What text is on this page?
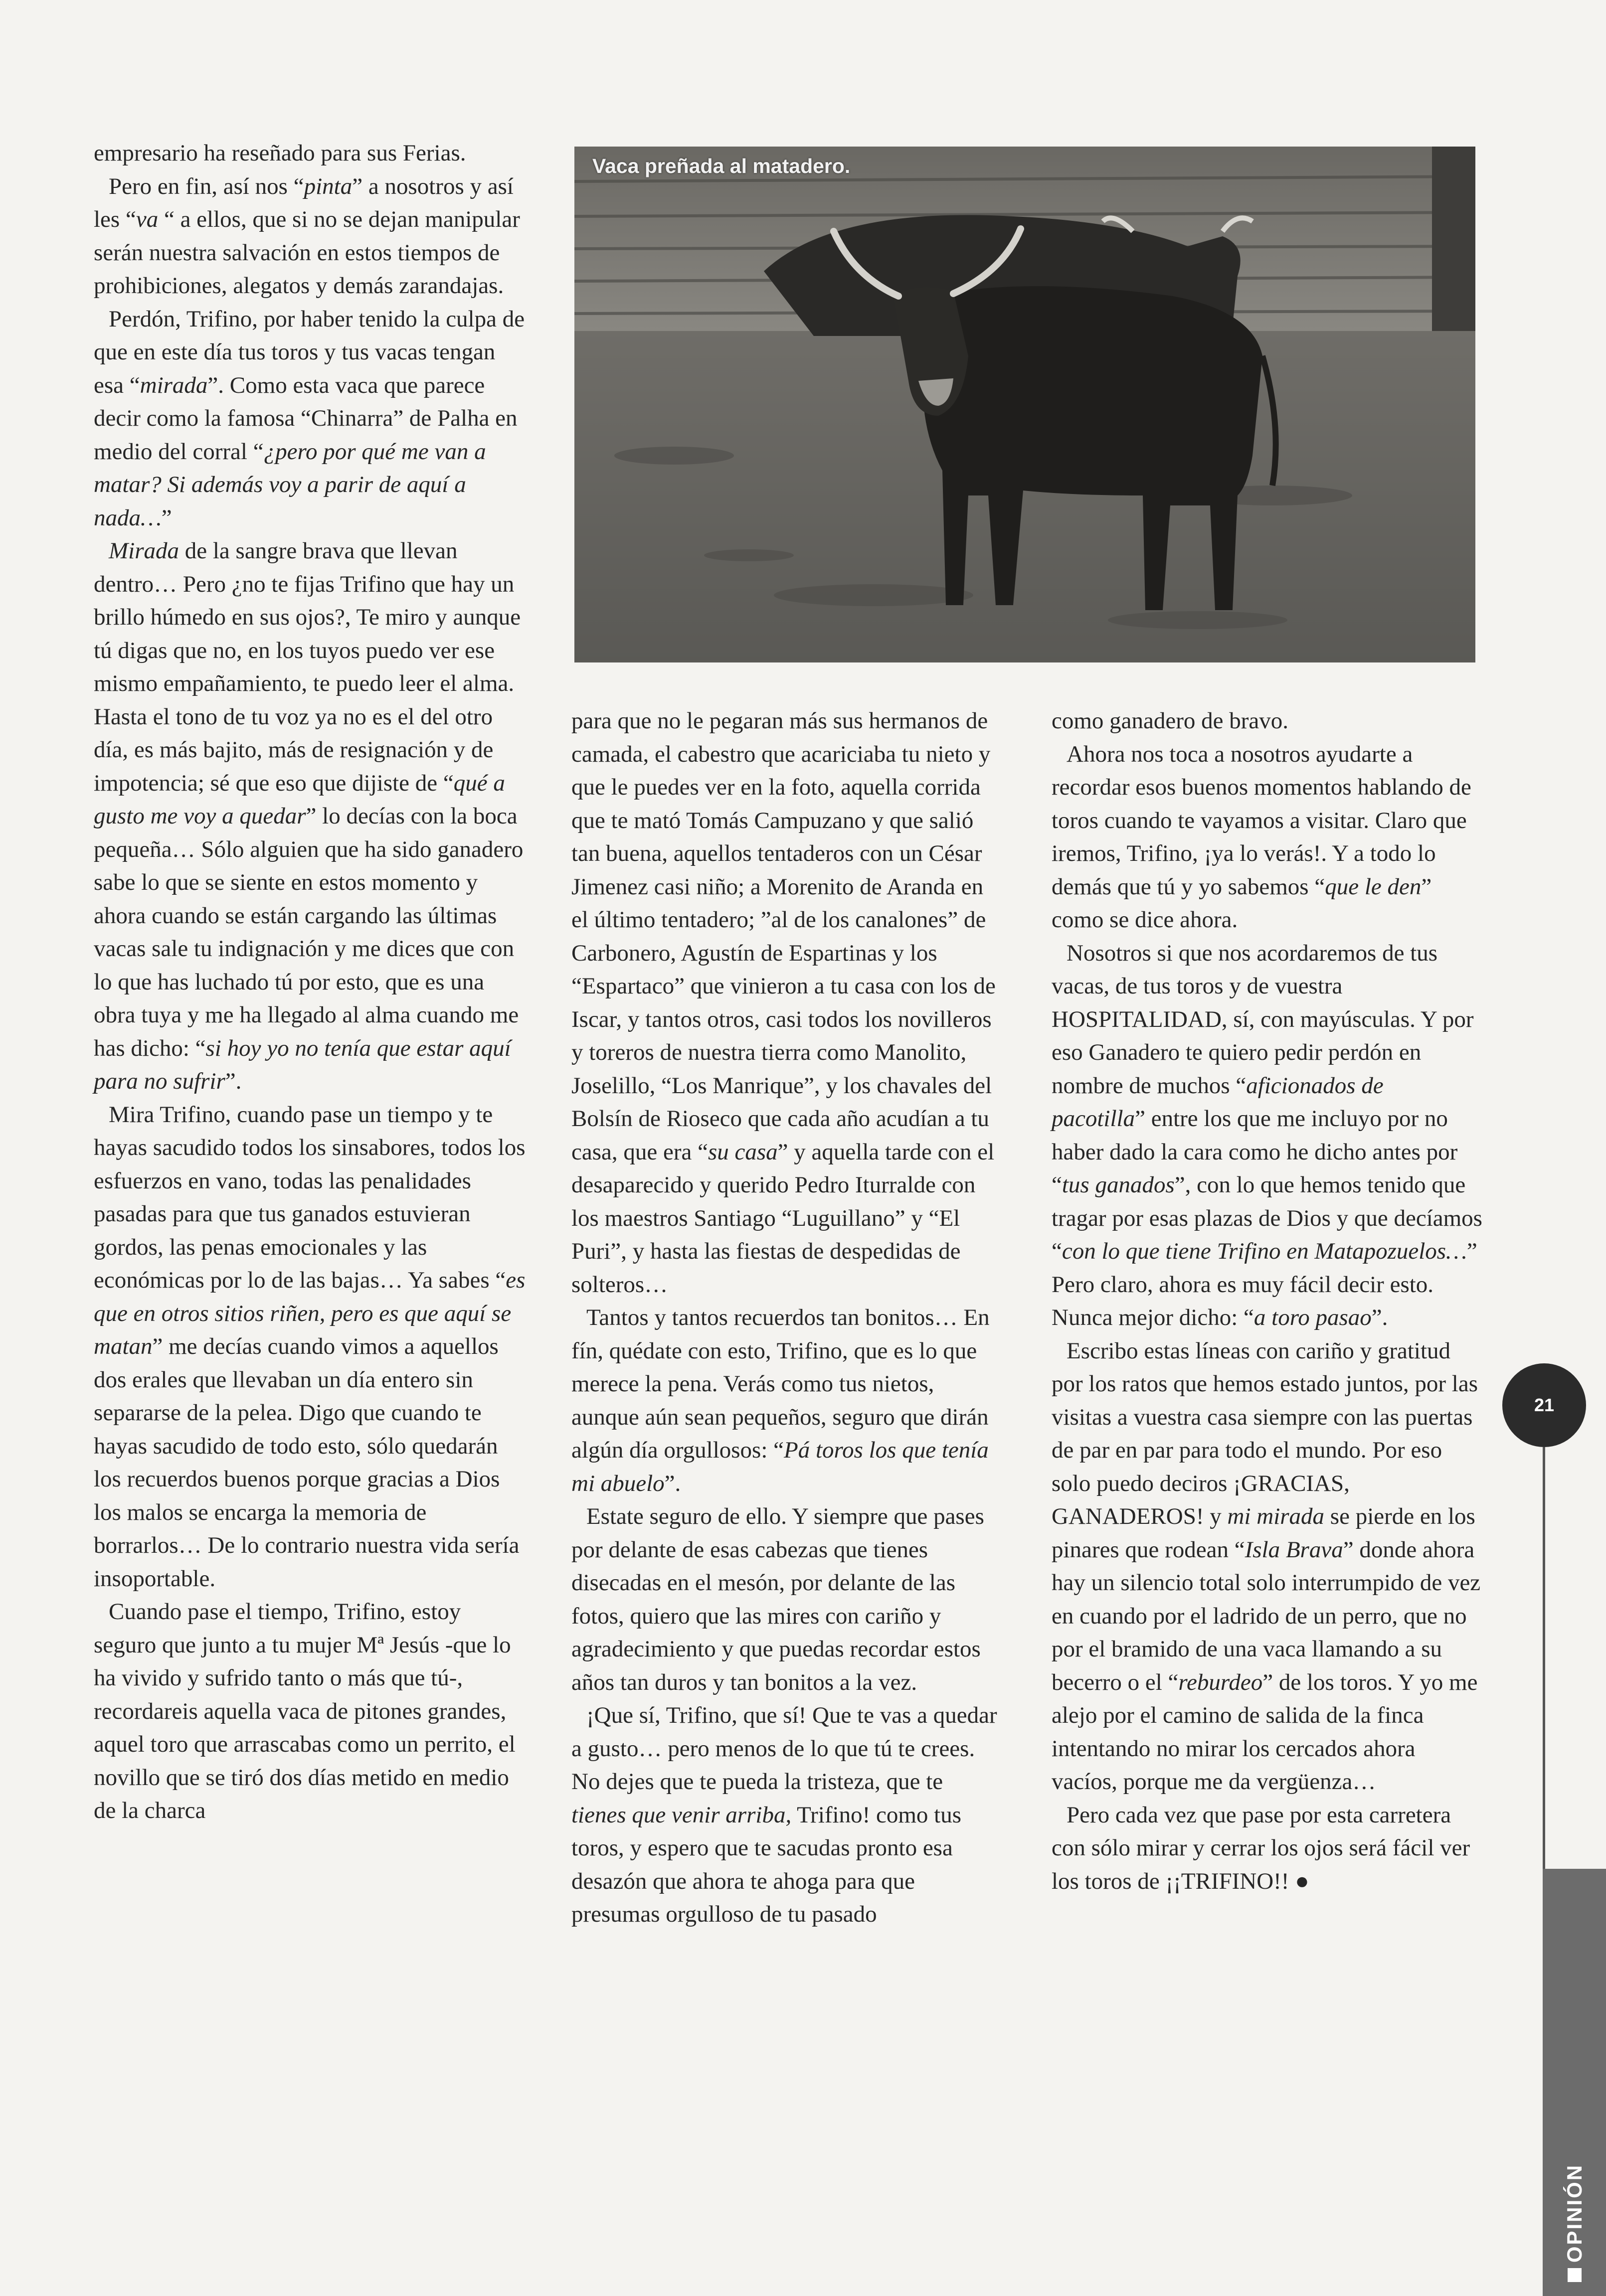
empresario ha reseñado para sus Ferias.

Pero en fin, así nos “pinta” a nosotros y así les “va “ a ellos, que si no se dejan manipular serán nuestra salvación en estos tiempos de prohibiciones, alegatos y demás zarandajas.

Perdón, Trifino, por haber tenido la culpa de que en este día tus toros y tus vacas tengan esa “mirada”. Como esta vaca que parece decir como la famosa “Chinarra” de Palha en medio del corral “¿pero por qué me van a matar? Si además voy a parir de aquí a nada…”

Mirada de la sangre brava que llevan dentro… Pero ¿no te fijas Trifino que hay un brillo húmedo en sus ojos?, Te miro y aunque tú digas que no, en los tuyos puedo ver ese mismo empañamiento, te puedo leer el alma. Hasta el tono de tu voz ya no es el del otro día, es más bajito, más de resignación y de impotencia; sé que eso que dijiste de “qué a gusto me voy a quedar” lo decías con la boca pequeña… Sólo alguien que ha sido ganadero sabe lo que se siente en estos momento y ahora cuando se están cargando las últimas vacas sale tu indignación y me dices que con lo que has luchado tú por esto, que es una obra tuya y me ha llegado al alma cuando me has dicho: “si hoy yo no tenía que estar aquí para no sufrir”.

Mira Trifino, cuando pase un tiempo y te hayas sacudido todos los sinsabores, todos los esfuerzos en vano, todas las penalidades pasadas para que tus ganados estuvieran gordos, las penas emocionales y las económicas por lo de las bajas… Ya sabes “es que en otros sitios riñen, pero es que aquí se matan” me decías cuando vimos a aquellos dos erales que llevaban un día entero sin separarse de la pelea. Digo que cuando te hayas sacudido de todo esto, sólo quedarán los recuerdos buenos porque gracias a Dios los malos se encarga la memoria de borrarlos… De lo contrario nuestra vida sería insoportable.

Cuando pase el tiempo, Trifino, estoy seguro que junto a tu mujer Mª Jesús -que lo ha vivido y sufrido tanto o más que tú-, recordareis aquella vaca de pitones grandes, aquel toro que arrascabas como un perrito, el novillo que se tiró dos días metido en medio de la charca

Vaca preñada al matadero.

para que no le pegaran más sus hermanos de camada, el cabestro que acariciaba tu nieto y que le puedes ver en la foto, aquella corrida que te mató Tomás Campuzano y que salió tan buena, aquellos tentaderos con un César Jimenez casi niño; a Morenito de Aranda en el último tentadero; ”al de los canalones” de Carbonero, Agustín de Espartinas y los “Espartaco” que vinieron a tu casa con los de Iscar, y tantos otros, casi todos los novilleros y toreros de nuestra tierra como Manolito, Joselillo, “Los Manrique”, y los chavales del Bolsín de Rioseco que cada año acudían a tu casa, que era “su casa” y aquella tarde con el desaparecido y querido Pedro Iturralde con los maestros Santiago “Luguillano” y “El Puri”, y hasta las fiestas de despedidas de solteros…

Tantos y tantos recuerdos tan bonitos… En fín, quédate con esto, Trifino, que es lo que merece la pena. Verás como tus nietos, aunque aún sean pequeños, seguro que dirán algún día orgullosos: “Pá toros los que tenía mi abuelo”.

Estate seguro de ello. Y siempre que pases por delante de esas cabezas que tienes disecadas en el mesón, por delante de las fotos, quiero que las mires con cariño y agradecimiento y que puedas recordar estos años tan duros y tan bonitos a la vez.

¡Que sí, Trifino, que sí! Que te vas a quedar a gusto… pero menos de lo que tú te crees. No dejes que te pueda la tristeza, que te tienes que venir arriba, Trifino! como tus toros, y espero que te sacudas pronto esa desazón que ahora te ahoga para que presumas orgulloso de tu pasado

como ganadero de bravo.

Ahora nos toca a nosotros ayudarte a recordar esos buenos momentos hablando de toros cuando te vayamos a visitar. Claro que iremos, Trifino, ¡ya lo verás!. Y a todo lo demás que tú y yo sabemos “que le den” como se dice ahora.

Nosotros si que nos acordaremos de tus vacas, de tus toros y de vuestra HOSPITALIDAD, sí, con mayúsculas. Y por eso Ganadero te quiero pedir perdón en nombre de muchos “aficionados de pacotilla” entre los que me incluyo por no haber dado la cara como he dicho antes por “tus ganados”, con lo que hemos tenido que tragar por esas plazas de Dios y que decíamos “con lo que tiene Trifino en Matapozuelos…” Pero claro, ahora es muy fácil decir esto. Nunca mejor dicho: “a toro pasao”.

Escribo estas líneas con cariño y gratitud por los ratos que hemos estado juntos, por las visitas a vuestra casa siempre con las puertas de par en par para todo el mundo. Por eso solo puedo deciros ¡GRACIAS, GANADEROS! y mi mirada se pierde en los pinares que rodean “Isla Brava” donde ahora hay un silencio total solo interrumpido de vez en cuando por el ladrido de un perro, que no por el bramido de una vaca llamando a su becerro o el “reburdeo” de los toros. Y yo me alejo por el camino de salida de la finca intentando no mirar los cercados ahora vacíos, porque me da vergüenza…

Pero cada vez que pase por esta carretera con sólo mirar y cerrar los ojos será fácil ver los toros de ¡¡TRIFINO!! ●

21
OPINIÓN
